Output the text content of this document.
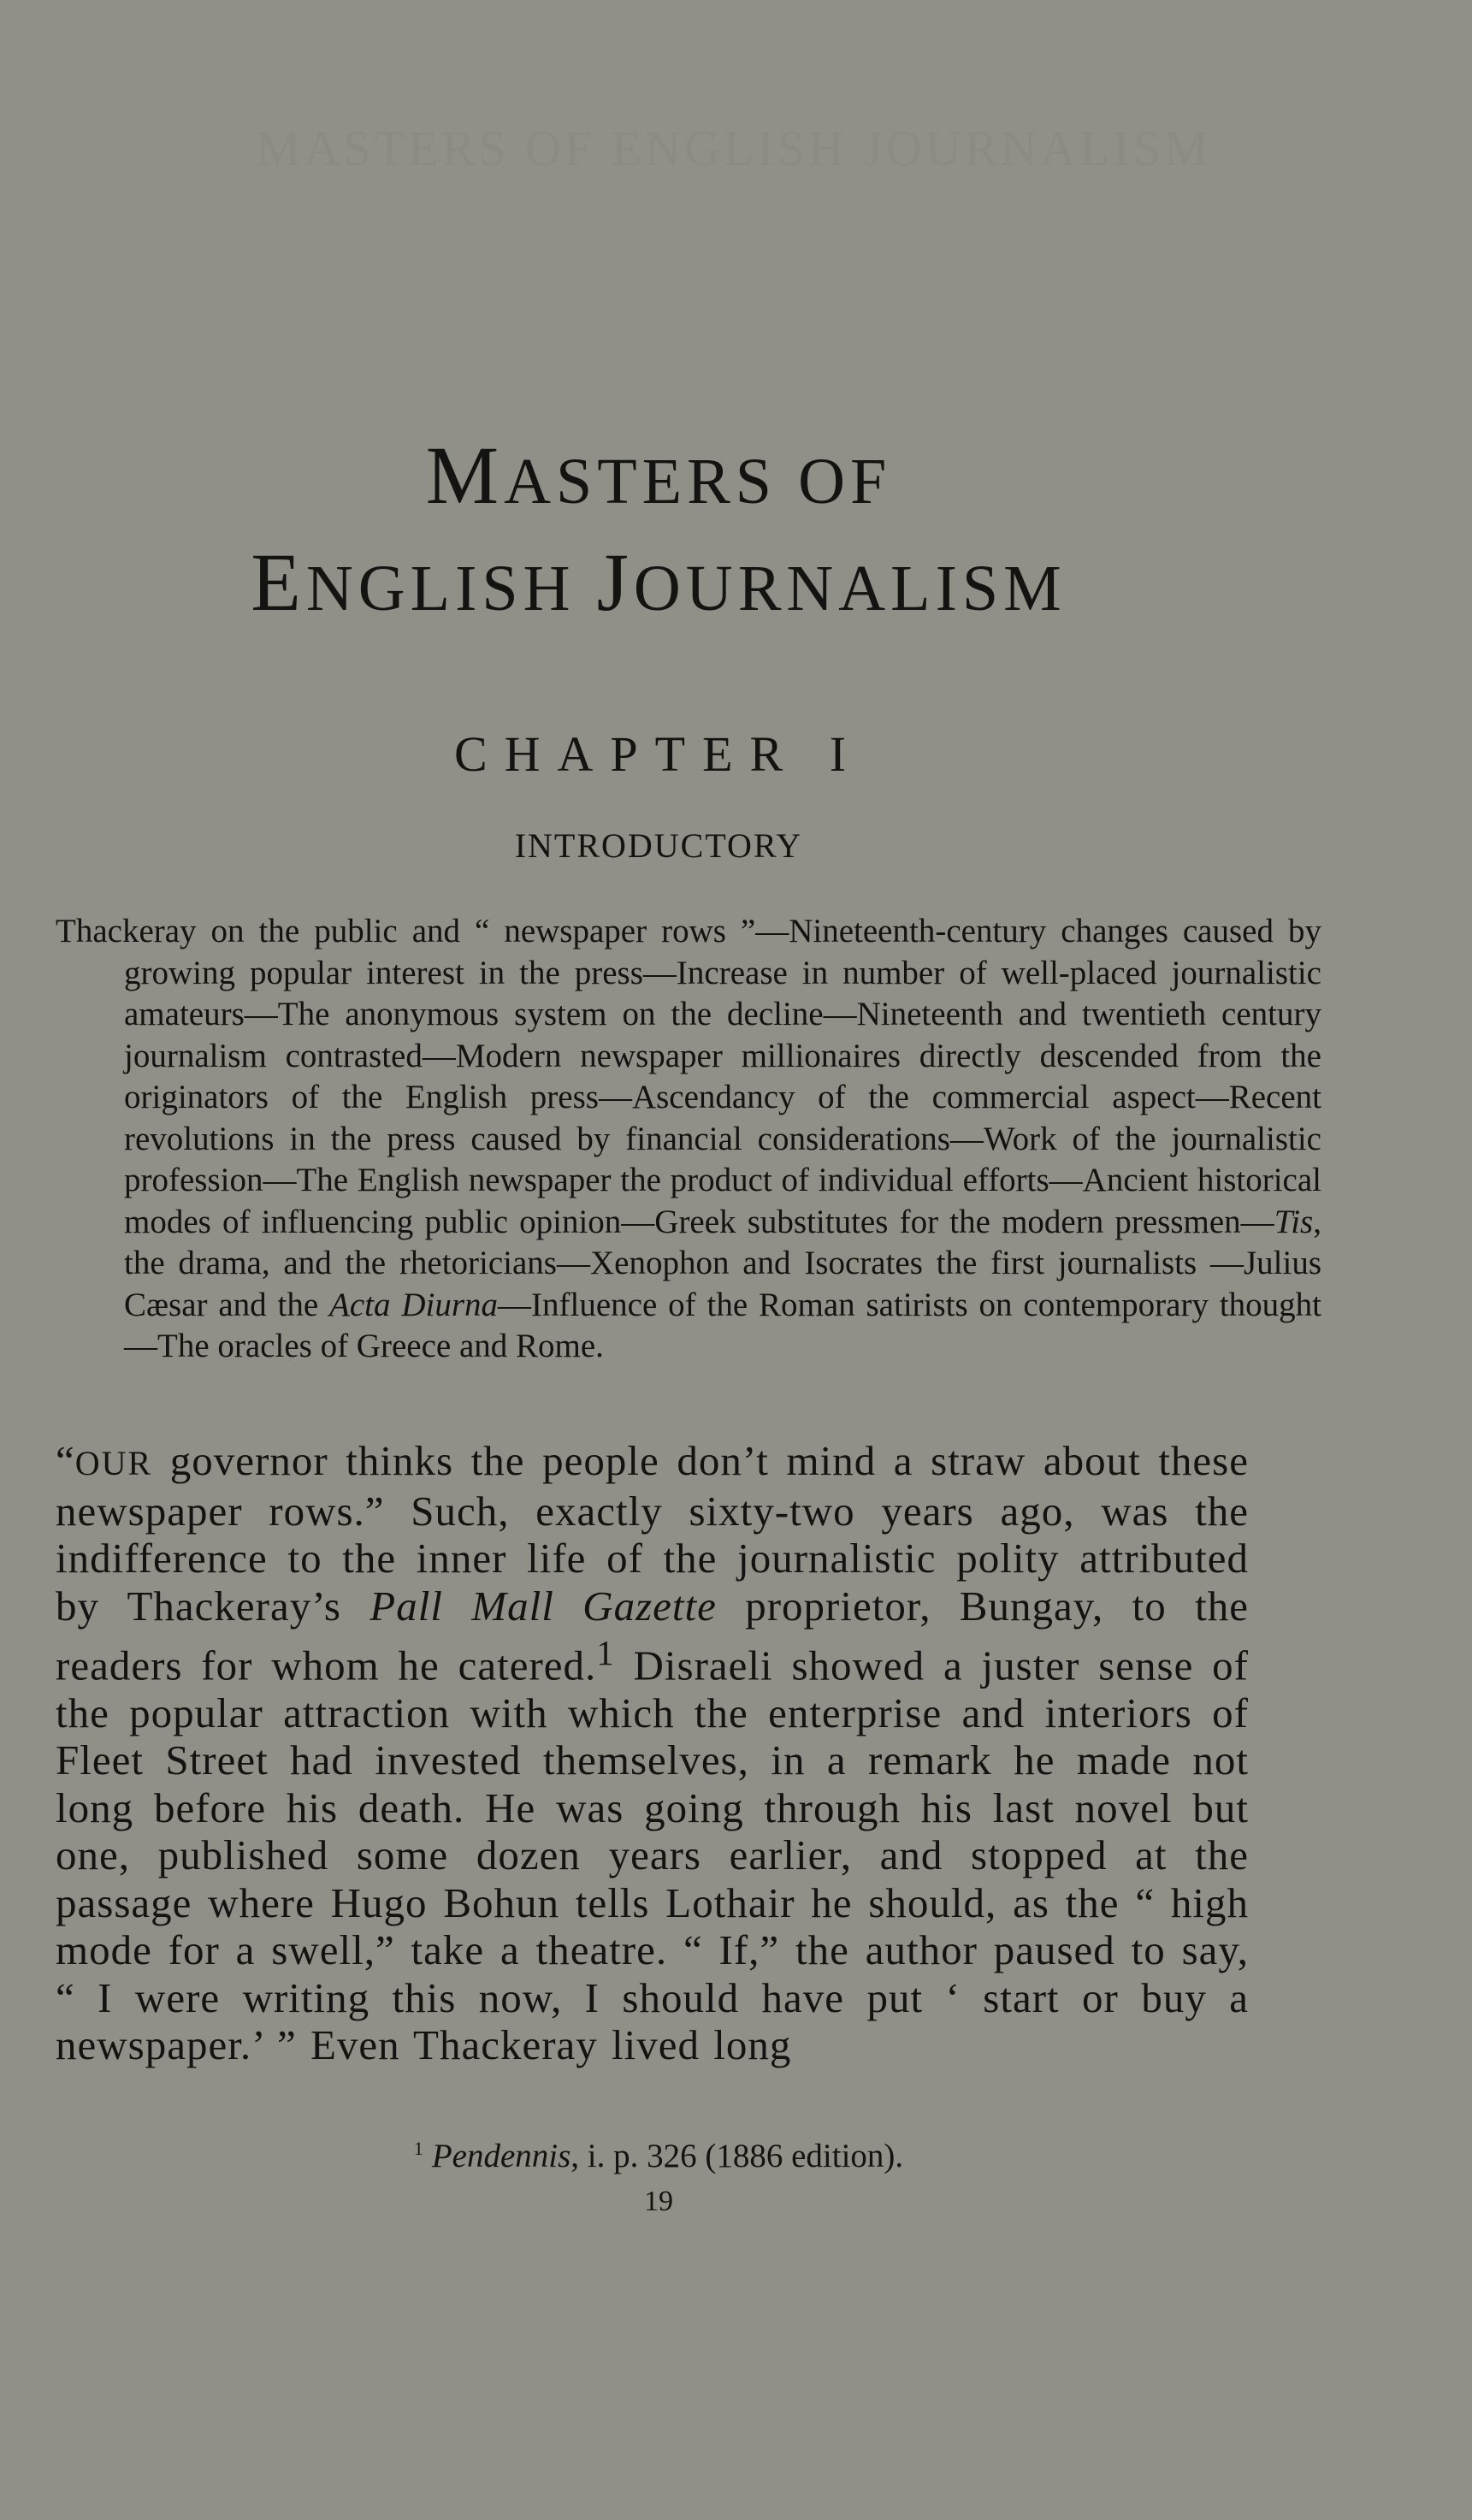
MASTERS OF ENGLISH JOURNALISM
MASTERS OF
ENGLISH JOURNALISM
CHAPTER I
INTRODUCTORY

Thackeray on the public and “ newspaper rows ”—Nineteenth-century changes caused by growing popular interest in the press—Increase in number of well-placed journalistic amateurs—The anonymous system on the decline—Nineteenth and twentieth century journalism contrasted—Modern newspaper millionaires directly descended from the originators of the English press—Ascendancy of the commercial aspect—Recent revolutions in the press caused by financial considerations—Work of the journalistic profession—The English newspaper the product of individual efforts—Ancient historical modes of influencing public opinion—Greek substitutes for the modern pressmen—Tis, the drama, and the rhetoricians—Xenophon and Isocrates the first journalists —Julius Cæsar and the Acta Diurna—Influence of the Roman satirists on contemporary thought—The oracles of Greece and Rome.

“OUR governor thinks the people don’t mind a straw about these newspaper rows.” Such, exactly sixty-two years ago, was the indifference to the inner life of the journalistic polity attributed by Thackeray’s Pall Mall Gazette proprietor, Bungay, to the readers for whom he catered.$^1$ Disraeli showed a juster sense of the popular attraction with which the enterprise and interiors of Fleet Street had invested themselves, in a remark he made not long before his death. He was going through his last novel but one, published some dozen years earlier, and stopped at the passage where Hugo Bohun tells Lothair he should, as the “ high mode for a swell,” take a theatre. “ If,” the author paused to say, “ I were writing this now, I should have put ‘ start or buy a newspaper.’ ” Even Thackeray lived long

$^1$ Pendennis, i. p. 326 (1886 edition).
19
